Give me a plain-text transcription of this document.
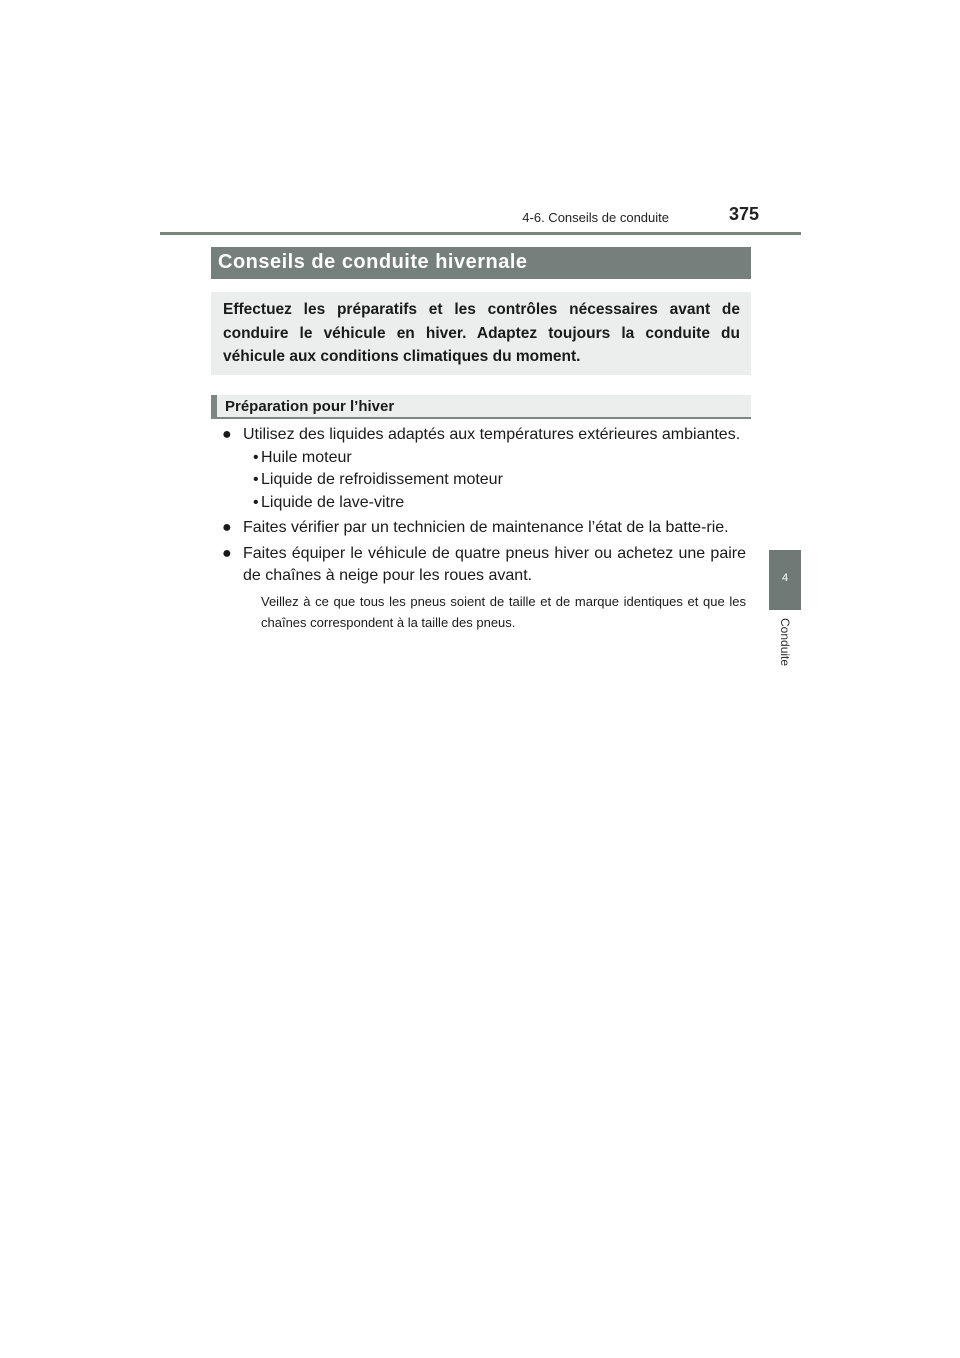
4-6. Conseils de conduite	375
4
Conduite
Conseils de conduite hivernale

Effectuez les préparatifs et les contrôles nécessaires avant de conduire le véhicule en hiver. Adaptez toujours la conduite du véhicule aux conditions climatiques du moment.

Préparation pour l’hiver
● Utilisez des liquides adaptés aux températures extérieures ambiantes.
• Huile moteur
• Liquide de refroidissement moteur
• Liquide de lave-vitre
● Faites vérifier par un technicien de maintenance l’état de la batte-rie.
● Faites équiper le véhicule de quatre pneus hiver ou achetez une paire de chaînes à neige pour les roues avant.

Veillez à ce que tous les pneus soient de taille et de marque identiques et que les chaînes correspondent à la taille des pneus.
